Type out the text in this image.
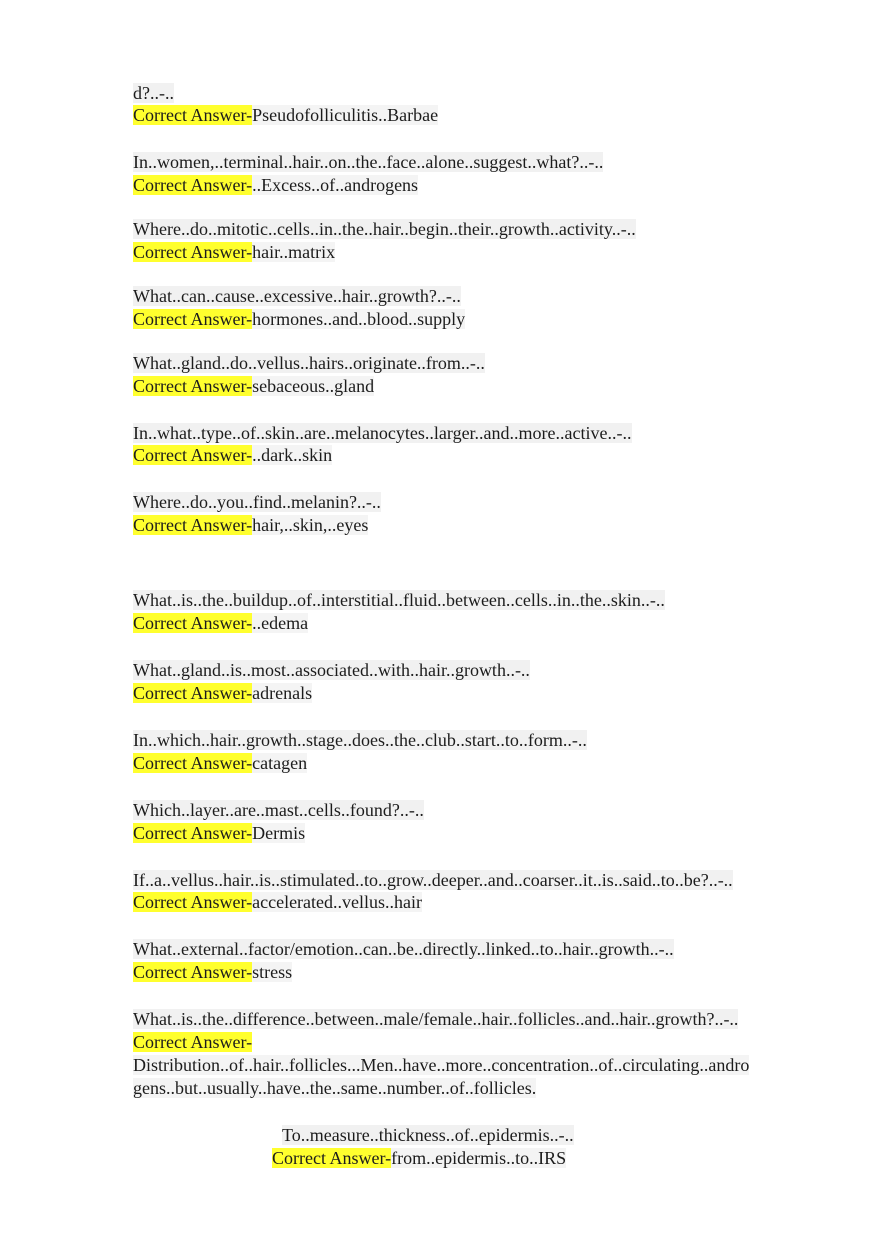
d?..-..
Correct Answer-Pseudofolliculitis..Barbae
In..women,..terminal..hair..on..the..face..alone..suggest..what?..-..
Correct Answer-..Excess..of..androgens
Where..do..mitotic..cells..in..the..hair..begin..their..growth..activity..-..
Correct Answer-hair..matrix
What..can..cause..excessive..hair..growth?..-..
Correct Answer-hormones..and..blood..supply
What..gland..do..vellus..hairs..originate..from..-..
Correct Answer-sebaceous..gland
In..what..type..of..skin..are..melanocytes..larger..and..more..active..-..
Correct Answer-..dark..skin
Where..do..you..find..melanin?..-..
Correct Answer-hair,..skin,..eyes
What..is..the..buildup..of..interstitial..fluid..between..cells..in..the..skin..-..
Correct Answer-..edema
What..gland..is..most..associated..with..hair..growth..-..
Correct Answer-adrenals
In..which..hair..growth..stage..does..the..club..start..to..form..-..
Correct Answer-catagen
Which..layer..are..mast..cells..found?..-..
Correct Answer-Dermis
If..a..vellus..hair..is..stimulated..to..grow..deeper..and..coarser..it..is..said..to..be?..-..
Correct Answer-accelerated..vellus..hair
What..external..factor/emotion..can..be..directly..linked..to..hair..growth..-..
Correct Answer-stress
What..is..the..difference..between..male/female..hair..follicles..and..hair..growth?..-..
Correct Answer-
Distribution..of..hair..follicles...Men..have..more..concentration..of..circulating..andro
gens..but..usually..have..the..same..number..of..follicles.
To..measure..thickness..of..epidermis..-..
Correct Answer-from..epidermis..to..IRS
